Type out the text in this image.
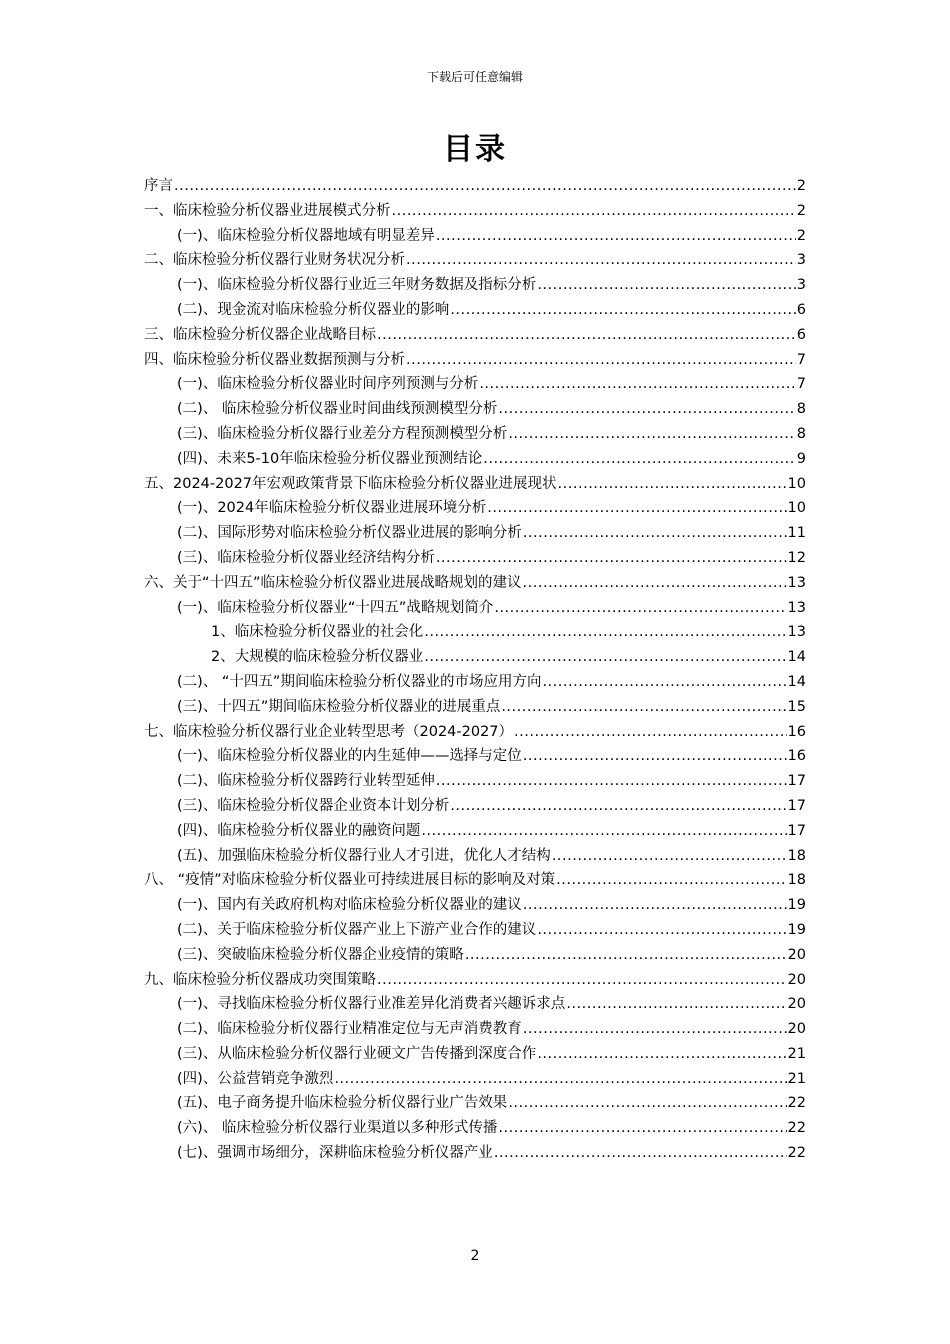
下载后可任意编辑
目录
序言 .....	2
一、临床检验分析仪器业进展模式分析 .....	2
(一)、临床检验分析仪器地域有明显差异 .....	2
二、临床检验分析仪器行业财务状况分析 .....	3
(一)、临床检验分析仪器行业近三年财务数据及指标分析 .....	3
(二)、现金流对临床检验分析仪器业的影响 .....	6
三、临床检验分析仪器企业战略目标 .....	6
四、临床检验分析仪器业数据预测与分析 .....	7
(一)、临床检验分析仪器业时间序列预测与分析 .....	7
(二)、 临床检验分析仪器业时间曲线预测模型分析 .....	8
(三)、临床检验分析仪器行业差分方程预测模型分析 .....	8
(四)、未来5-10年临床检验分析仪器业预测结论 .....	9
五、2024-2027年宏观政策背景下临床检验分析仪器业进展现状 .....	10
(一)、2024年临床检验分析仪器业进展环境分析 .....	10
(二)、国际形势对临床检验分析仪器业进展的影响分析 .....	11
(三)、临床检验分析仪器业经济结构分析 .....	12
六、关于“十四五”临床检验分析仪器业进展战略规划的建议 .....	13
(一)、临床检验分析仪器业“十四五”战略规划简介 .....	13
1、临床检验分析仪器业的社会化 .....	13
2、大规模的临床检验分析仪器业 .....	14
(二)、 “十四五”期间临床检验分析仪器业的市场应用方向 .....	14
(三)、十四五”期间临床检验分析仪器业的进展重点 .....	15
七、临床检验分析仪器行业企业转型思考（2024-2027） .....	16
(一)、临床检验分析仪器业的内生延伸——选择与定位 .....	16
(二)、临床检验分析仪器跨行业转型延伸 .....	17
(三)、临床检验分析仪器企业资本计划分析 .....	17
(四)、临床检验分析仪器业的融资问题 .....	17
(五)、加强临床检验分析仪器行业人才引进，优化人才结构 .....	18
八、 “疫情”对临床检验分析仪器业可持续进展目标的影响及对策 .....	18
(一)、国内有关政府机构对临床检验分析仪器业的建议 .....	19
(二)、关于临床检验分析仪器产业上下游产业合作的建议 .....	19
(三)、突破临床检验分析仪器企业疫情的策略 .....	20
九、临床检验分析仪器成功突围策略 .....	20
(一)、寻找临床检验分析仪器行业准差异化消费者兴趣诉求点 .....	20
(二)、临床检验分析仪器行业精准定位与无声消费教育 .....	20
(三)、从临床检验分析仪器行业硬文广告传播到深度合作 .....	21
(四)、公益营销竞争激烈 .....	21
(五)、电子商务提升临床检验分析仪器行业广告效果 .....	22
(六)、 临床检验分析仪器行业渠道以多种形式传播 .....	22
(七)、强调市场细分，深耕临床检验分析仪器产业 .....	22
2
